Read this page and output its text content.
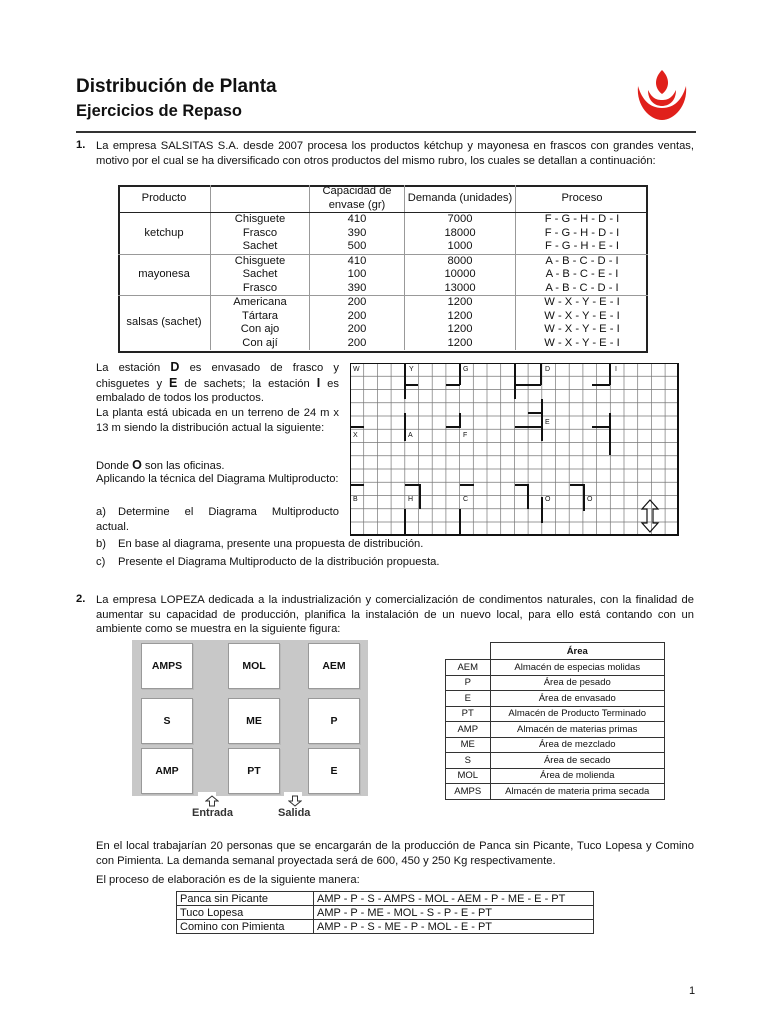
Distribución de Planta
Ejercicios de Repaso
1. La empresa SALSITAS S.A. desde 2007 procesa los productos kétchup y mayonesa en frascos con grandes ventas, motivo por el cual se ha diversificado con otros productos del mismo rubro, los cuales se detallan a continuación:
Producto		Capacidad de envase (gr)	Demanda (unidades)	Proceso
ketchup	Chisguete	410	7000	F - G - H - D - I
	Frasco	390	18000	F - G - H - D - I
	Sachet	500	1000	F - G - H - E - I
mayonesa	Chisguete	410	8000	A - B - C - D - I
	Sachet	100	10000	A - B - C - E - I
	Frasco	390	13000	A - B - C - D - I
salsas (sachet)	Americana	200	1200	W - X - Y - E - I
	Tártara	200	1200	W - X - Y - E - I
	Con ajo	200	1200	W - X - Y - E - I
	Con ají	200	1200	W - X - Y - E - I
La estación D es envasado de frasco y chisguetes y E de sachets; la estación I es embalado de todos los productos.
La planta está ubicada en un terreno de 24 m x 13 m siendo la distribución actual la siguiente:
Donde O son las oficinas.
Aplicando la técnica del Diagrama Multiproducto:
a) Determine el Diagrama Multiproducto actual.
b) En base al diagrama, presente una propuesta de distribución.
c) Presente el Diagrama Multiproducto de la distribución propuesta.
W	Y	G	D	I
E
X	A	F
B	H	C	O	O
2. La empresa LOPEZA dedicada a la industrialización y comercialización de condimentos naturales, con la finalidad de aumentar su capacidad de producción, planifica la instalación de un nuevo local, para ello está contando con un ambiente como se muestra en la siguiente figura:
AMPS	MOL	AEM
S	ME	P
AMP	PT	E
Entrada	Salida
	Área
AEM	Almacén de especias molidas
P	Área de pesado
E	Área de envasado
PT	Almacén de Producto Terminado
AMP	Almacén de materias primas
ME	Área de mezclado
S	Área de secado
MOL	Área de molienda
AMPS	Almacén de materia prima secada
En el local trabajarían 20 personas que se encargarán de la producción de Panca sin Picante, Tuco Lopesa y Comino con Pimienta. La demanda semanal proyectada será de 600, 450 y 250 Kg respectivamente.
El proceso de elaboración es de la siguiente manera:
Panca sin Picante	AMP - P - S - AMPS - MOL - AEM - P - ME - E - PT
Tuco Lopesa	AMP - P - ME - MOL - S - P - E - PT
Comino con Pimienta	AMP - P - S - ME - P - MOL - E - PT
1
